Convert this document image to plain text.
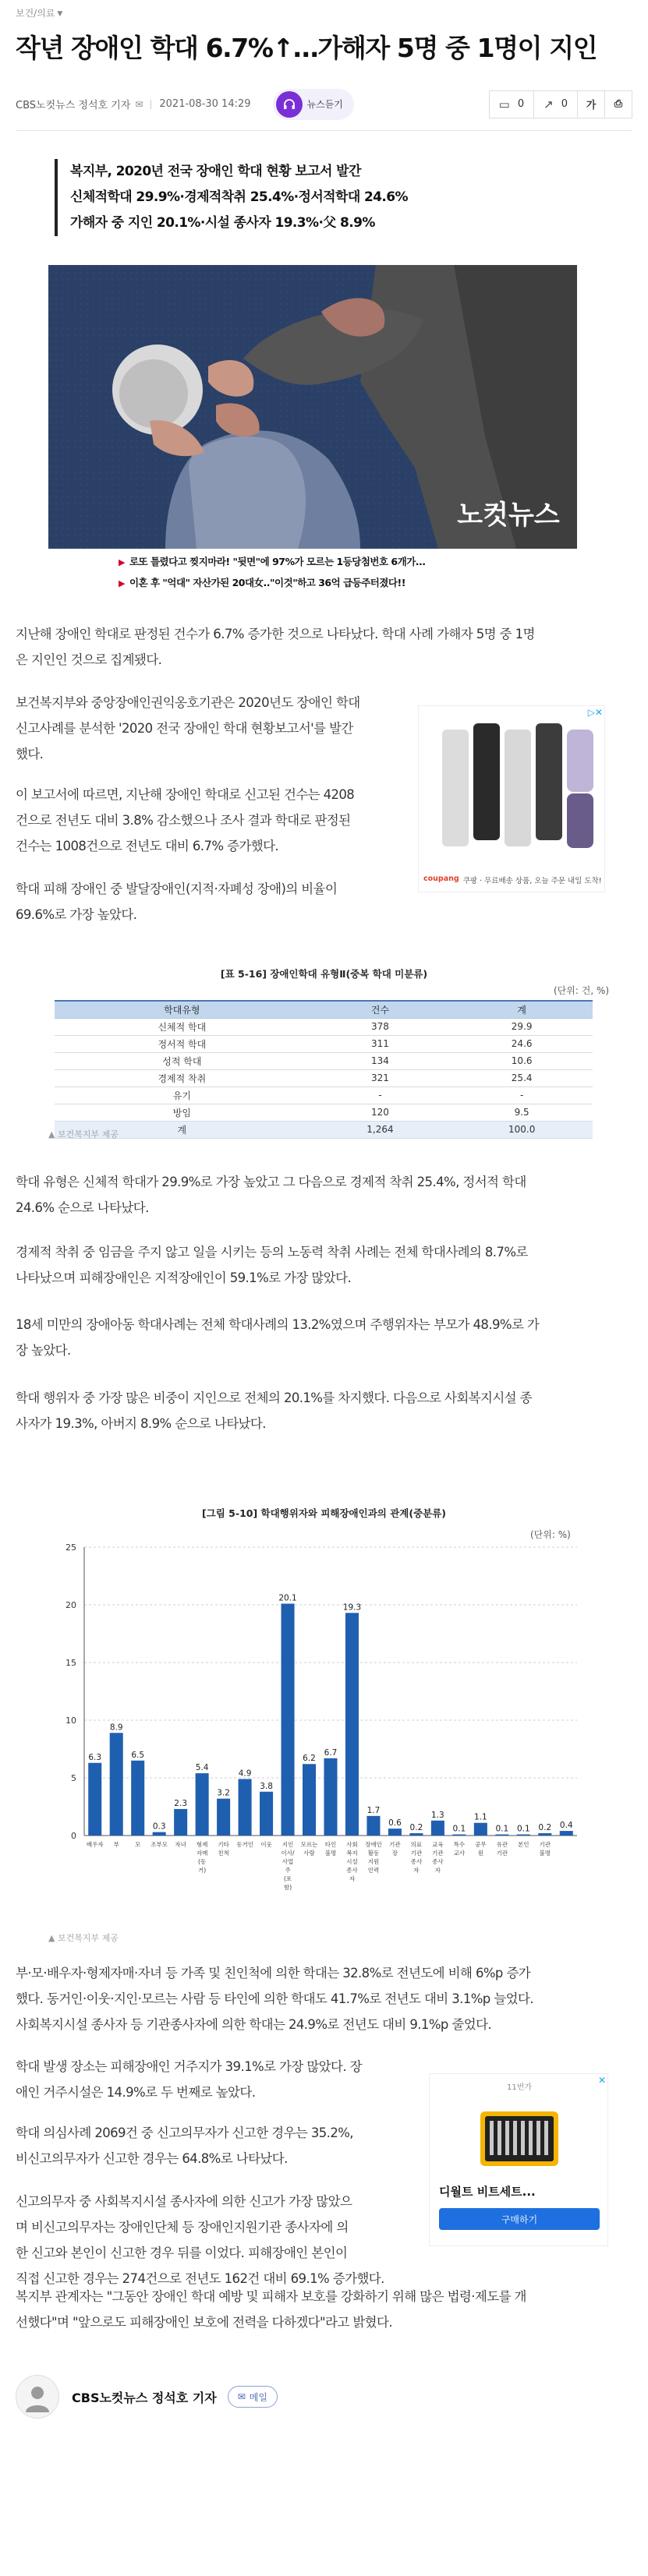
보건/의료 ▼
작년 장애인 학대 6.7%↑…가해자 5명 중 1명이 지인
CBS노컷뉴스 정석호 기자 ✉ 2021-08-30 14:29	뉴스듣기	▭ 0 ↗ 0	가	⎙

복지부, 2020년 전국 장애인 학대 현황 보고서 발간

신체적학대 29.9%·경제적착취 25.4%·정서적학대 24.6%

가해자 중 지인 20.1%·시설 종사자 19.3%·父 8.9%

노컷뉴스
▶ 로또 틀렸다고 찢지마라! "뒷면"에 97%가 모르는 1등당첨번호 6개가...
▶ 이혼 후 "억대" 자산가된 20대女.."이것"하고 36억 급등주터졌다!!
지난해 장애인 학대로 판정된 건수가 6.7% 증가한 것으로 나타났다. 학대 사례 가해자 5명 중 1명
은 지인인 것으로 집계됐다.
보건복지부와 중앙장애인권익옹호기관은 2020년도 장애인 학대
신고사례를 분석한 '2020 전국 장애인 학대 현황보고서'를 발간
했다.
이 보고서에 따르면, 지난해 장애인 학대로 신고된 건수는 4208
건으로 전년도 대비 3.8% 감소했으나 조사 결과 학대로 판정된
건수는 1008건으로 전년도 대비 6.7% 증가했다.
학대 피해 장애인 중 발달장애인(지적·자폐성 장애)의 비율이
69.6%로 가장 높았다.
▷✕
coupang 쿠팡 · 무료배송 상품, 오늘 주문 내일 도착!
[표 5-16] 장애인학대 유형Ⅱ(중복 학대 미분류)
(단위: 건, %)
학대유형	건수	계
신체적 학대	378	29.9
정서적 학대	311	24.6
성적 학대	134	10.6
경제적 착취	321	25.4
유기	-	-
방임	120	9.5
계	1,264	100.0
▲ 보건복지부 제공
학대 유형은 신체적 학대가 29.9%로 가장 높았고 그 다음으로 경제적 착취 25.4%, 정서적 학대
24.6% 순으로 나타났다.
경제적 착취 중 임금을 주지 않고 일을 시키는 등의 노동력 착취 사례는 전체 학대사례의 8.7%로
나타났으며 피해장애인은 지적장애인이 59.1%로 가장 많았다.
18세 미만의 장애아동 학대사례는 전체 학대사례의 13.2%였으며 주행위자는 부모가 48.9%로 가
장 높았다.
학대 행위자 중 가장 많은 비중이 지인으로 전체의 20.1%를 차지했다. 다음으로 사회복지시설 종
사자가 19.3%, 아버지 8.9% 순으로 나타났다.
[그림 5-10] 학대행위자와 피해장애인과의 관계(중분류)
(단위: %)
0
5
10
15
20
25
6.3
배우자
8.9
부
6.5
모
0.3
조부모
2.3
자녀
5.4
형제
자매
(동
거)
3.2
기타
친척
4.9
동거인
3.8
이웃
20.1
지인
이사/
사업
주
(포
함)
6.2
모르는
사람
6.7
타인
불명
19.3
사회
복지
시설
종사
자
1.7
장애인
활동
지원
인력
0.6
기관
장
0.2
의료
기관
종사
자
1.3
교육
기관
종사
자
0.1
특수
교사
1.1
공무
원
0.1
유관
기관
0.1
본인
0.2
기관
불명
0.4
▲ 보건복지부 제공
부·모·배우자·형제자매·자녀 등 가족 및 친인척에 의한 학대는 32.8%로 전년도에 비해 6%p 증가
했다. 동거인·이웃·지인·모르는 사람 등 타인에 의한 학대도 41.7%로 전년도 대비 3.1%p 늘었다.
사회복지시설 종사자 등 기관종사자에 의한 학대는 24.9%로 전년도 대비 9.1%p 줄었다.
학대 발생 장소는 피해장애인 거주지가 39.1%로 가장 많았다. 장
애인 거주시설은 14.9%로 두 번째로 높았다.
학대 의심사례 2069건 중 신고의무자가 신고한 경우는 35.2%,
비신고의무자가 신고한 경우는 64.8%로 나타났다.
신고의무자 중 사회복지시설 종사자에 의한 신고가 가장 많았으
며 비신고의무자는 장애인단체 등 장애인지원기관 종사자에 의
한 신고와 본인이 신고한 경우 뒤를 이었다. 피해장애인 본인이
직접 신고한 경우는 274건으로 전년도 162건 대비 69.1% 증가했다.
✕
11번가
디월트 비트세트...
구매하기
복지부 관계자는 "그동안 장애인 학대 예방 및 피해자 보호를 강화하기 위해 많은 법령·제도를 개
선했다"며 "앞으로도 피해장애인 보호에 전력을 다하겠다"라고 밝혔다.
CBS노컷뉴스 정석호 기자 ✉ 메일
